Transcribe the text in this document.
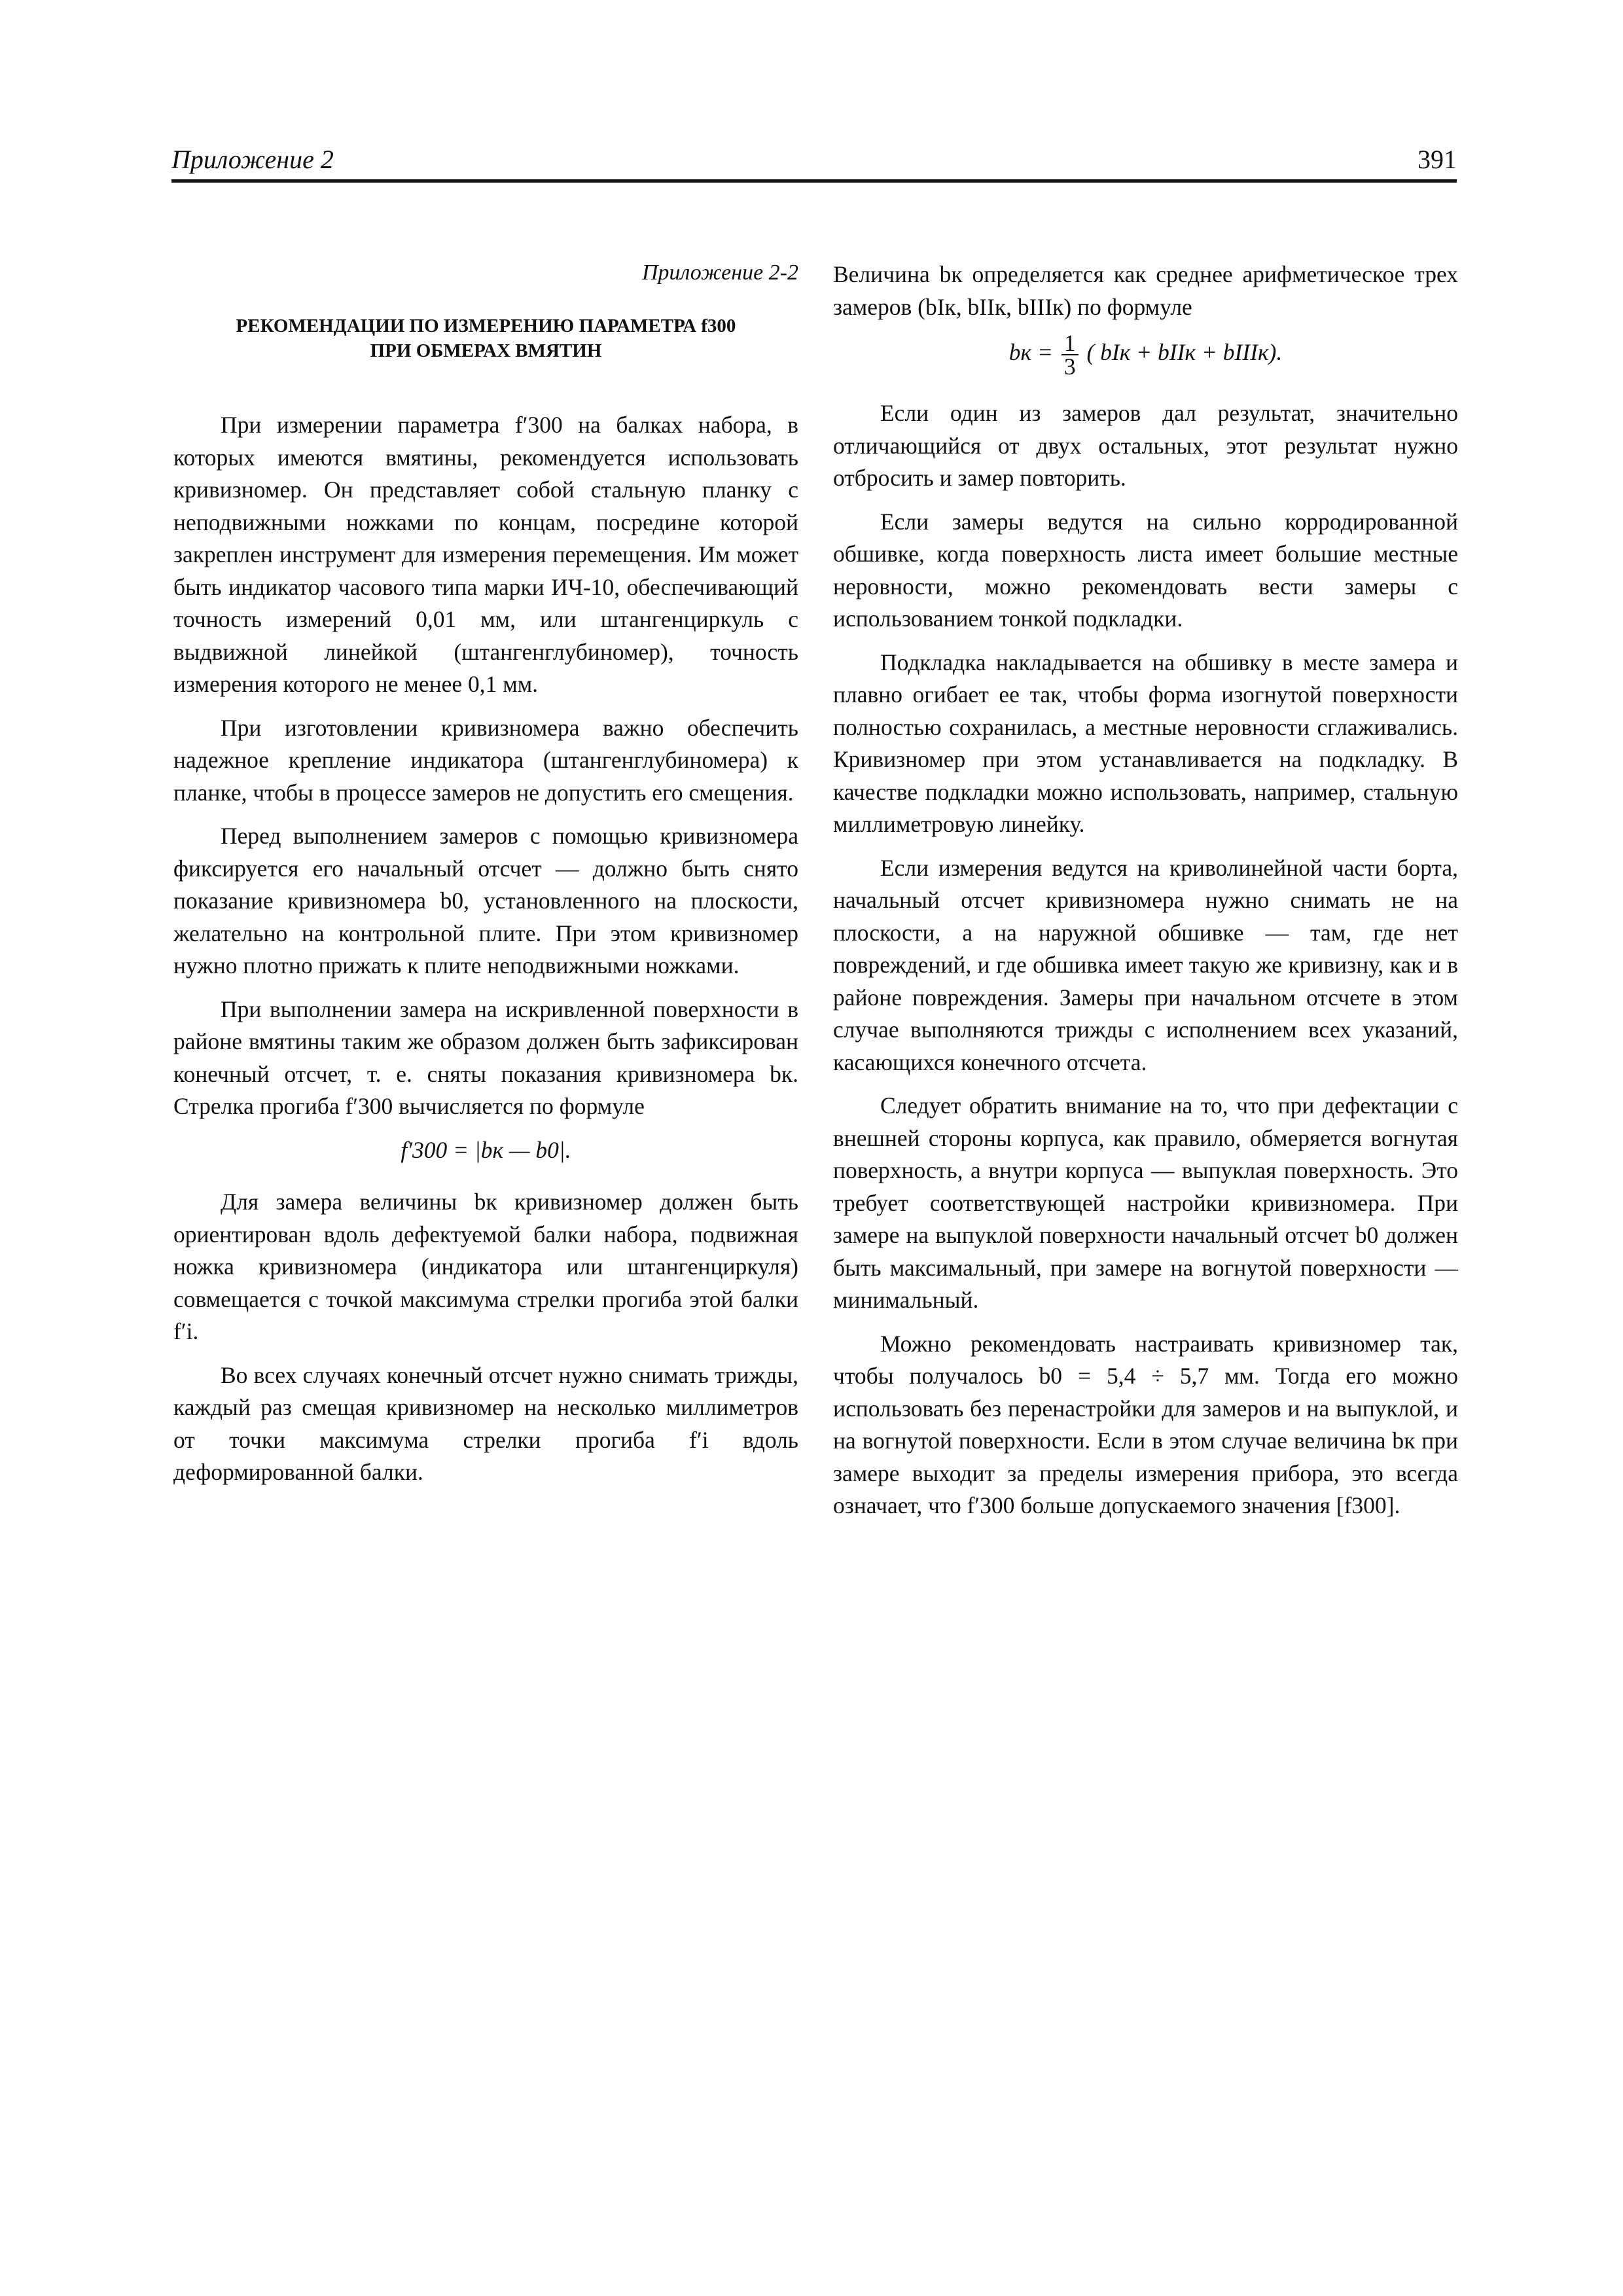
Приложение 2	391
Приложение 2-2
РЕКОМЕНДАЦИИ ПО ИЗМЕРЕНИЮ ПАРАМЕТРА f300
ПРИ ОБМЕРАХ ВМЯТИН

При измерении параметра f′300 на балках набора, в которых имеются вмятины, рекомендуется использовать кривизномер. Он представляет собой стальную планку с неподвижными ножками по концам, посредине которой закреплен инструмент для измерения перемещения. Им может быть индикатор часового типа марки ИЧ-10, обеспечивающий точность измерений 0,01 мм, или штангенциркуль с выдвижной линейкой (штангенглубиномер), точность измерения которого не менее 0,1 мм.

При изготовлении кривизномера важно обеспечить надежное крепление индикатора (штангенглубиномера) к планке, чтобы в процессе замеров не допустить его смещения.

Перед выполнением замеров с помощью кривизномера фиксируется его начальный отсчет — должно быть снято показание кривизномера b0, установленного на плоскости, желательно на контрольной плите. При этом кривизномер нужно плотно прижать к плите неподвижными ножками.

При выполнении замера на искривленной поверхности в районе вмятины таким же образом должен быть зафиксирован конечный отсчет, т. е. сняты показания кривизномера bк. Стрелка прогиба f′300 вычисляется по формуле

f′300 = |bк — b0|.

Для замера величины bк кривизномер должен быть ориентирован вдоль дефектуемой балки набора, подвижная ножка кривизномера (индикатора или штангенциркуля) совмещается с точкой максимума стрелки прогиба этой балки f′i.

Во всех случаях конечный отсчет нужно снимать трижды, каждый раз смещая кривизномер на несколько миллиметров от точки максимума стрелки прогиба f′i вдоль деформированной балки.

Величина bк определяется как среднее арифметическое трех замеров (bIк, bIIк, bIIIк) по формуле

bк = $\frac{1}{3}$ ( bIк + bIIк + bIIIк).

Если один из замеров дал результат, значительно отличающийся от двух остальных, этот результат нужно отбросить и замер повторить.

Если замеры ведутся на сильно корродированной обшивке, когда поверхность листа имеет большие местные неровности, можно рекомендовать вести замеры с использованием тонкой подкладки.

Подкладка накладывается на обшивку в месте замера и плавно огибает ее так, чтобы форма изогнутой поверхности полностью сохранилась, а местные неровности сглаживались. Кривизномер при этом устанавливается на подкладку. В качестве подкладки можно использовать, например, стальную миллиметровую линейку.

Если измерения ведутся на криволинейной части борта, начальный отсчет кривизномера нужно снимать не на плоскости, а на наружной обшивке — там, где нет повреждений, и где обшивка имеет такую же кривизну, как и в районе повреждения. Замеры при начальном отсчете в этом случае выполняются трижды с исполнением всех указаний, касающихся конечного отсчета.

Следует обратить внимание на то, что при дефектации с внешней стороны корпуса, как правило, обмеряется вогнутая поверхность, а внутри корпуса — выпуклая поверхность. Это требует соответствующей настройки кривизномера. При замере на выпуклой поверхности начальный отсчет b0 должен быть максимальный, при замере на вогнутой поверхности — минимальный.

Можно рекомендовать настраивать кривизномер так, чтобы получалось b0 = 5,4 ÷ 5,7 мм. Тогда его можно использовать без перенастройки для замеров и на выпуклой, и на вогнутой поверхности. Если в этом случае величина bк при замере выходит за пределы измерения прибора, это всегда означает, что f′300 больше допускаемого значения [f300].
